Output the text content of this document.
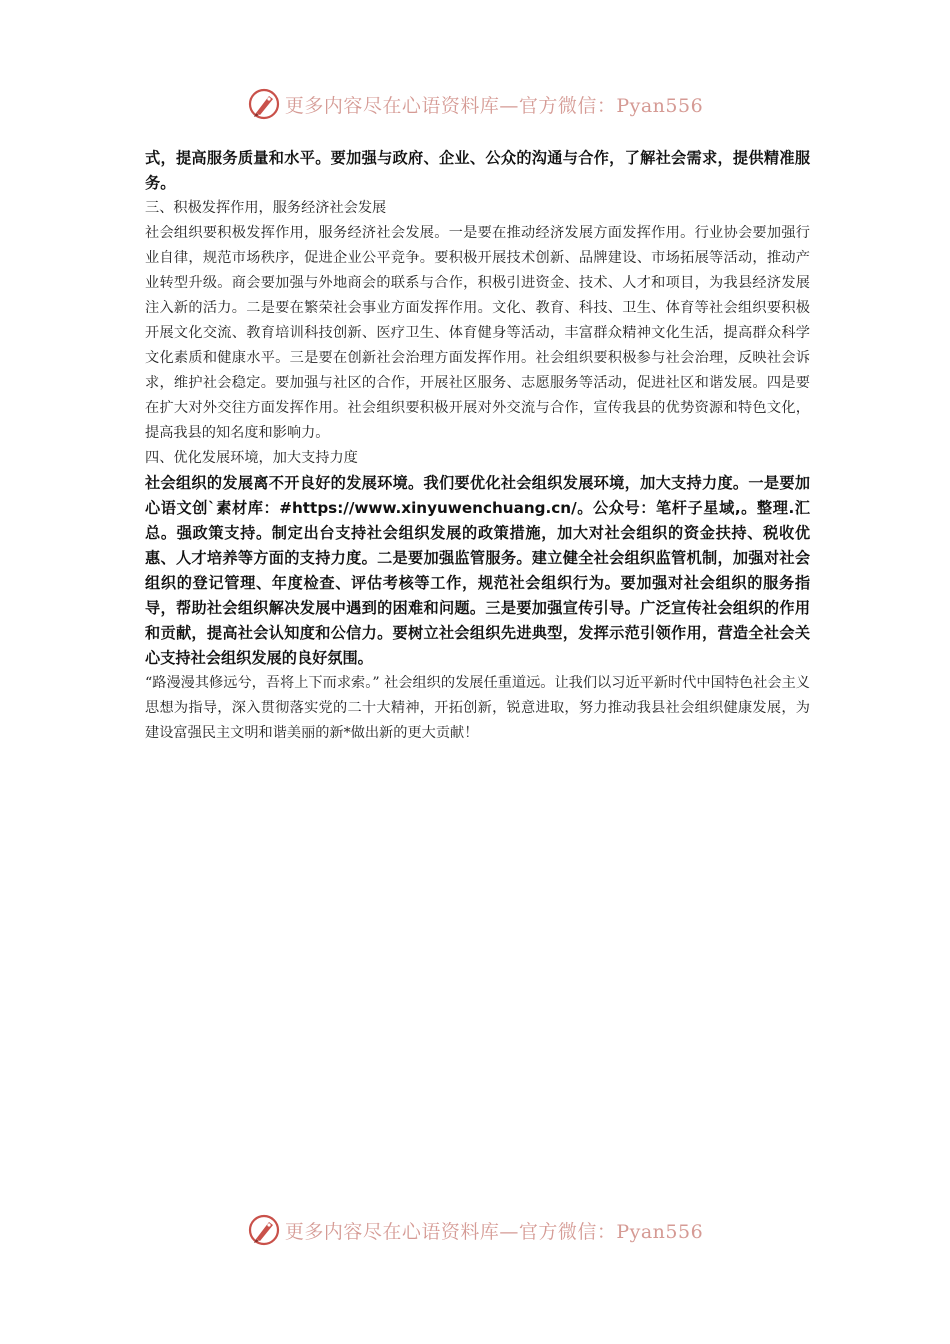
更多内容尽在心语资料库—官方微信：Pyan556

式，提高服务质量和水平。要加强与政府、企业、公众的沟通与合作，了解社会需求，提供精准服务。

三、积极发挥作用，服务经济社会发展

社会组织要积极发挥作用，服务经济社会发展。一是要在推动经济发展方面发挥作用。行业协会要加强行业自律，规范市场秩序，促进企业公平竞争。要积极开展技术创新、品牌建设、市场拓展等活动，推动产业转型升级。商会要加强与外地商会的联系与合作，积极引进资金、技术、人才和项目，为我县经济发展注入新的活力。二是要在繁荣社会事业方面发挥作用。文化、教育、科技、卫生、体育等社会组织要积极开展文化交流、教育培训科技创新、医疗卫生、体育健身等活动，丰富群众精神文化生活，提高群众科学文化素质和健康水平。三是要在创新社会治理方面发挥作用。社会组织要积极参与社会治理，反映社会诉求，维护社会稳定。要加强与社区的合作，开展社区服务、志愿服务等活动，促进社区和谐发展。四是要在扩大对外交往方面发挥作用。社会组织要积极开展对外交流与合作，宣传我县的优势资源和特色文化，提高我县的知名度和影响力。

四、优化发展环境，加大支持力度

社会组织的发展离不开良好的发展环境。我们要优化社会组织发展环境，加大支持力度。一是要加心语文创`素材库：#https://www.xinyuwenchuang.cn/。公众号：笔杆子星域,。整理.汇总。强政策支持。制定出台支持社会组织发展的政策措施，加大对社会组织的资金扶持、税收优惠、人才培养等方面的支持力度。二是要加强监管服务。建立健全社会组织监管机制，加强对社会组织的登记管理、年度检查、评估考核等工作，规范社会组织行为。要加强对社会组织的服务指导，帮助社会组织解决发展中遇到的困难和问题。三是要加强宣传引导。广泛宣传社会组织的作用和贡献，提高社会认知度和公信力。要树立社会组织先进典型，发挥示范引领作用，营造全社会关心支持社会组织发展的良好氛围。

“路漫漫其修远兮，吾将上下而求索。” 社会组织的发展任重道远。让我们以习近平新时代中国特色社会主义思想为指导，深入贯彻落实党的二十大精神，开拓创新，锐意进取，努力推动我县社会组织健康发展，为建设富强民主文明和谐美丽的新*做出新的更大贡献！

更多内容尽在心语资料库—官方微信：Pyan556
